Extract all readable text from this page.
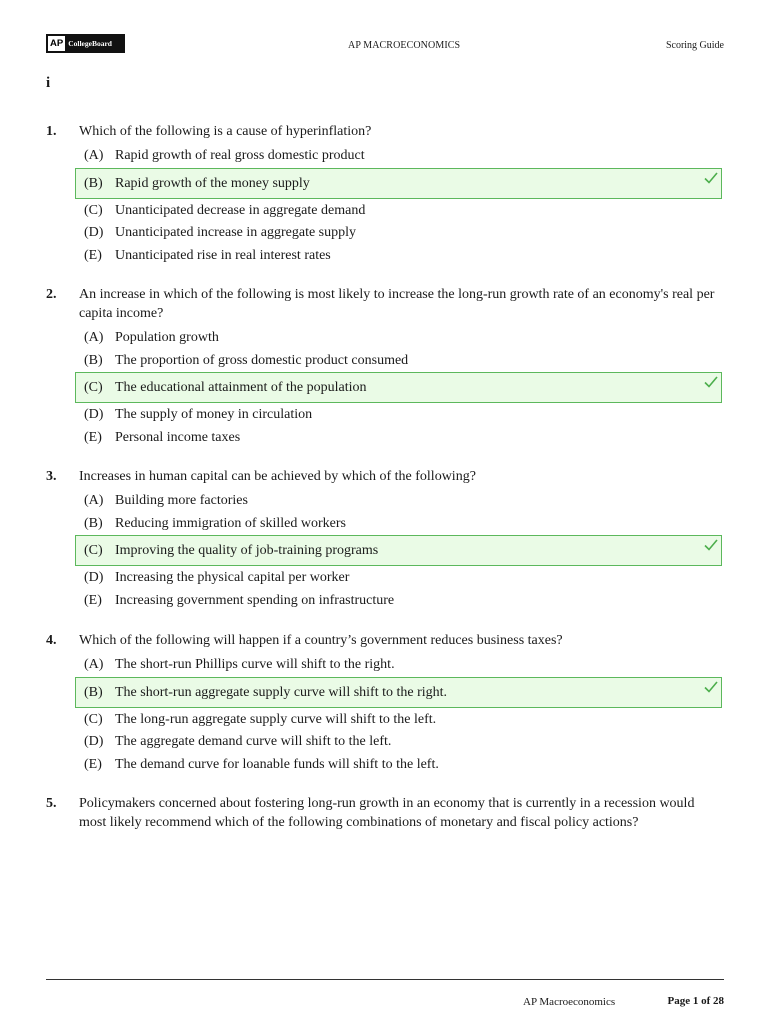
AP CollegeBoard	AP MACROECONOMICS	Scoring Guide
i
1. Which of the following is a cause of hyperinflation?
(A) Rapid growth of real gross domestic product
(B) Rapid growth of the money supply
(C) Unanticipated decrease in aggregate demand
(D) Unanticipated increase in aggregate supply
(E) Unanticipated rise in real interest rates
2. An increase in which of the following is most likely to increase the long-run growth rate of an economy's real per capita income?
(A) Population growth
(B) The proportion of gross domestic product consumed
(C) The educational attainment of the population
(D) The supply of money in circulation
(E) Personal income taxes
3. Increases in human capital can be achieved by which of the following?
(A) Building more factories
(B) Reducing immigration of skilled workers
(C) Improving the quality of job-training programs
(D) Increasing the physical capital per worker
(E) Increasing government spending on infrastructure
4. Which of the following will happen if a country’s government reduces business taxes?
(A) The short-run Phillips curve will shift to the right.
(B) The short-run aggregate supply curve will shift to the right.
(C) The long-run aggregate supply curve will shift to the left.
(D) The aggregate demand curve will shift to the left.
(E) The demand curve for loanable funds will shift to the left.
5. Policymakers concerned about fostering long-run growth in an economy that is currently in a recession would most likely recommend which of the following combinations of monetary and fiscal policy actions?
AP Macroeconomics	Page 1 of 28
